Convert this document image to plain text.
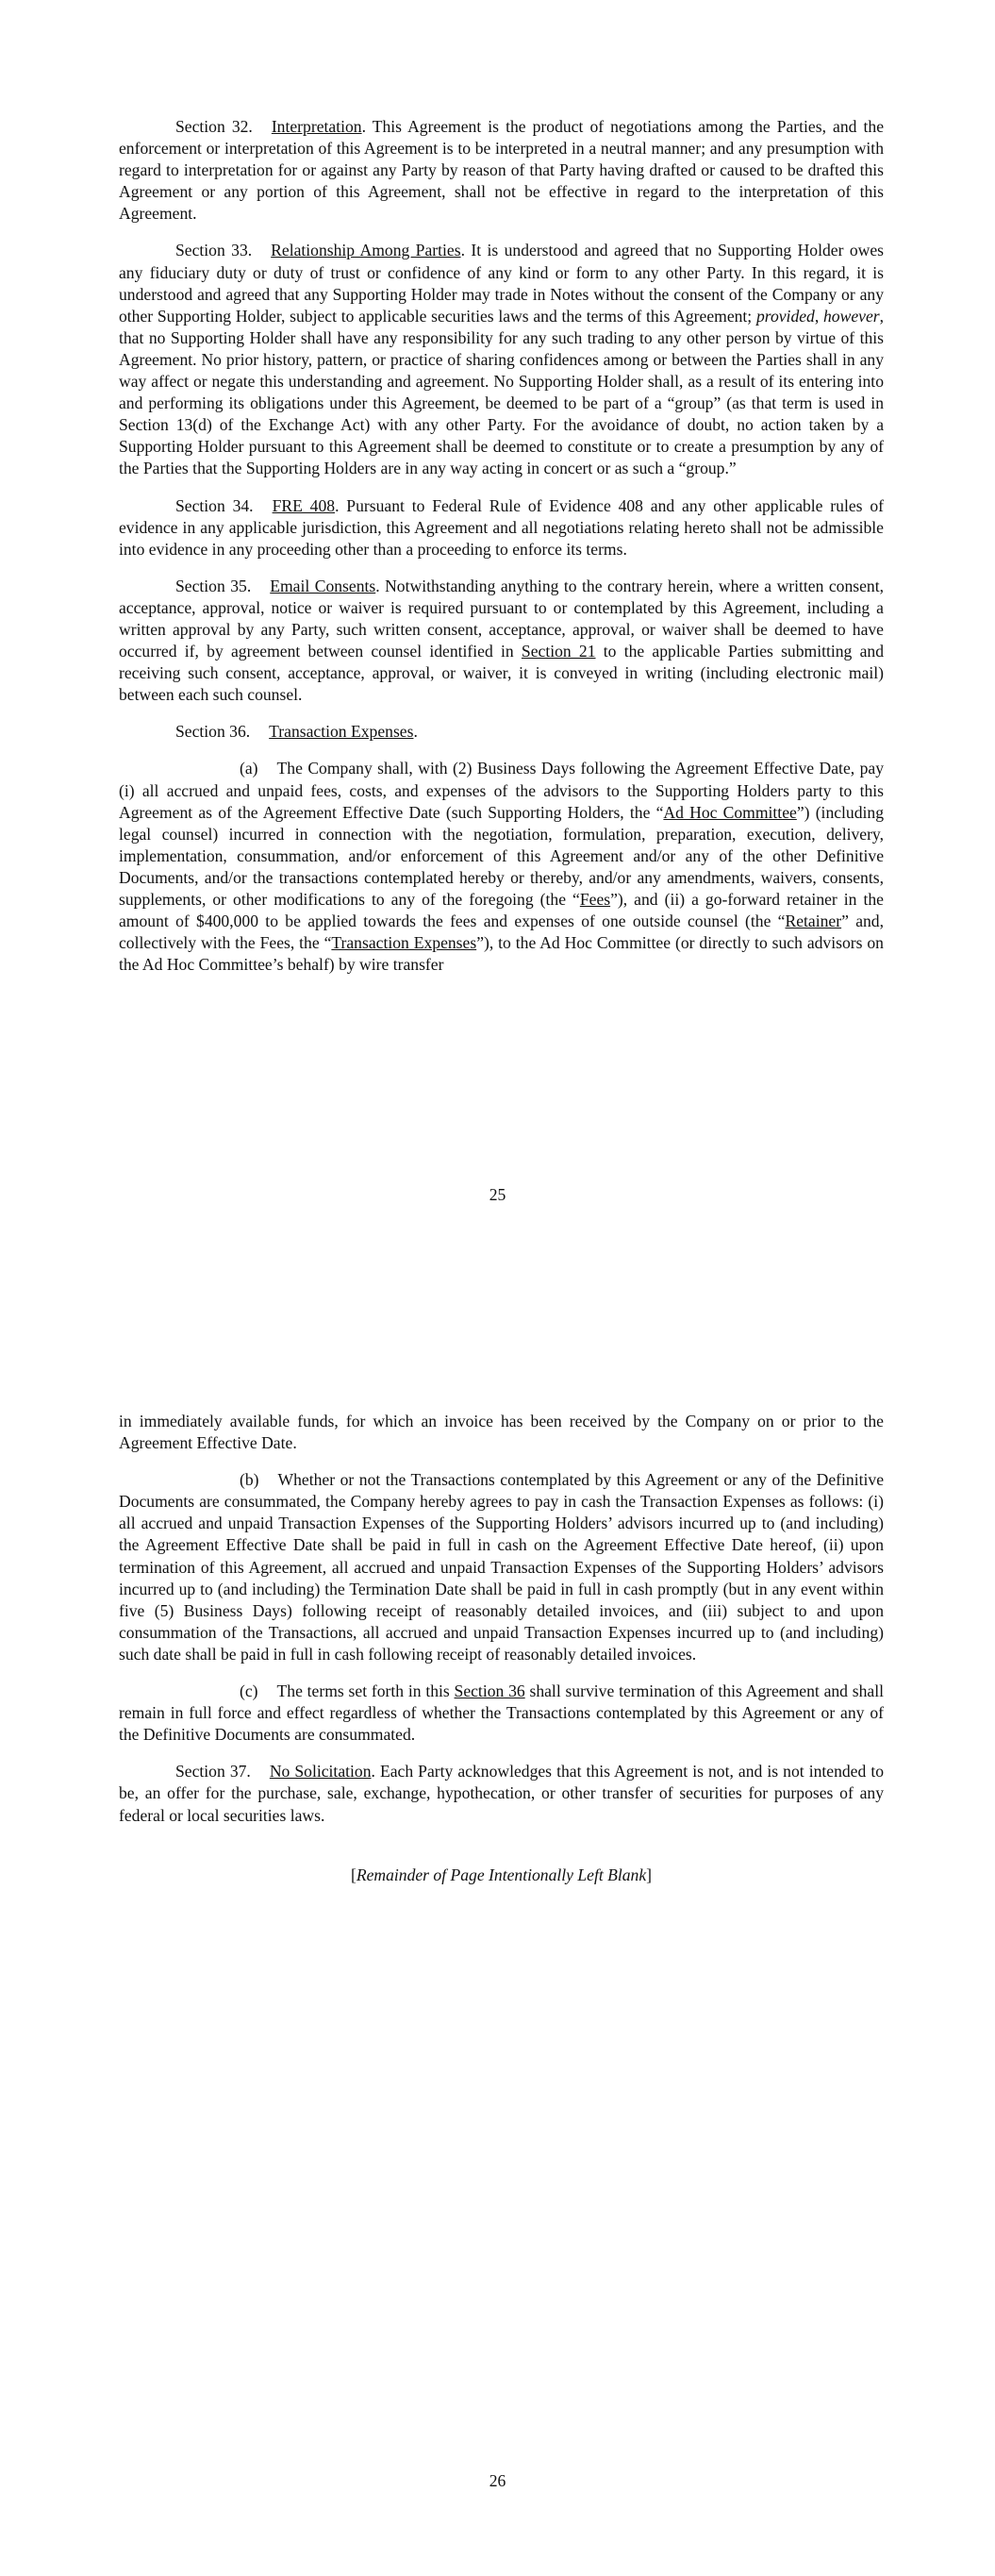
Section 32. Interpretation. This Agreement is the product of negotiations among the Parties, and the enforcement or interpretation of this Agreement is to be interpreted in a neutral manner; and any presumption with regard to interpretation for or against any Party by reason of that Party having drafted or caused to be drafted this Agreement or any portion of this Agreement, shall not be effective in regard to the interpretation of this Agreement.

Section 33. Relationship Among Parties. It is understood and agreed that no Supporting Holder owes any fiduciary duty or duty of trust or confidence of any kind or form to any other Party. In this regard, it is understood and agreed that any Supporting Holder may trade in Notes without the consent of the Company or any other Supporting Holder, subject to applicable securities laws and the terms of this Agreement; provided, however, that no Supporting Holder shall have any responsibility for any such trading to any other person by virtue of this Agreement. No prior history, pattern, or practice of sharing confidences among or between the Parties shall in any way affect or negate this understanding and agreement. No Supporting Holder shall, as a result of its entering into and performing its obligations under this Agreement, be deemed to be part of a “group” (as that term is used in Section 13(d) of the Exchange Act) with any other Party. For the avoidance of doubt, no action taken by a Supporting Holder pursuant to this Agreement shall be deemed to constitute or to create a presumption by any of the Parties that the Supporting Holders are in any way acting in concert or as such a “group.”

Section 34. FRE 408. Pursuant to Federal Rule of Evidence 408 and any other applicable rules of evidence in any applicable jurisdiction, this Agreement and all negotiations relating hereto shall not be admissible into evidence in any proceeding other than a proceeding to enforce its terms.

Section 35. Email Consents. Notwithstanding anything to the contrary herein, where a written consent, acceptance, approval, notice or waiver is required pursuant to or contemplated by this Agreement, including a written approval by any Party, such written consent, acceptance, approval, or waiver shall be deemed to have occurred if, by agreement between counsel identified in Section 21 to the applicable Parties submitting and receiving such consent, acceptance, approval, or waiver, it is conveyed in writing (including electronic mail) between each such counsel.

Section 36. Transaction Expenses.

(a) The Company shall, with (2) Business Days following the Agreement Effective Date, pay (i) all accrued and unpaid fees, costs, and expenses of the advisors to the Supporting Holders party to this Agreement as of the Agreement Effective Date (such Supporting Holders, the “Ad Hoc Committee”) (including legal counsel) incurred in connection with the negotiation, formulation, preparation, execution, delivery, implementation, consummation, and/or enforcement of this Agreement and/or any of the other Definitive Documents, and/or the transactions contemplated hereby or thereby, and/or any amendments, waivers, consents, supplements, or other modifications to any of the foregoing (the “Fees”), and (ii) a go-forward retainer in the amount of $400,000 to be applied towards the fees and expenses of one outside counsel (the “Retainer” and, collectively with the Fees, the “Transaction Expenses”), to the Ad Hoc Committee (or directly to such advisors on the Ad Hoc Committee’s behalf) by wire transfer

25

in immediately available funds, for which an invoice has been received by the Company on or prior to the Agreement Effective Date.

(b) Whether or not the Transactions contemplated by this Agreement or any of the Definitive Documents are consummated, the Company hereby agrees to pay in cash the Transaction Expenses as follows: (i) all accrued and unpaid Transaction Expenses of the Supporting Holders’ advisors incurred up to (and including) the Agreement Effective Date shall be paid in full in cash on the Agreement Effective Date hereof, (ii) upon termination of this Agreement, all accrued and unpaid Transaction Expenses of the Supporting Holders’ advisors incurred up to (and including) the Termination Date shall be paid in full in cash promptly (but in any event within five (5) Business Days) following receipt of reasonably detailed invoices, and (iii) subject to and upon consummation of the Transactions, all accrued and unpaid Transaction Expenses incurred up to (and including) such date shall be paid in full in cash following receipt of reasonably detailed invoices.

(c) The terms set forth in this Section 36 shall survive termination of this Agreement and shall remain in full force and effect regardless of whether the Transactions contemplated by this Agreement or any of the Definitive Documents are consummated.

Section 37. No Solicitation. Each Party acknowledges that this Agreement is not, and is not intended to be, an offer for the purchase, sale, exchange, hypothecation, or other transfer of securities for purposes of any federal or local securities laws.

[Remainder of Page Intentionally Left Blank]

26
